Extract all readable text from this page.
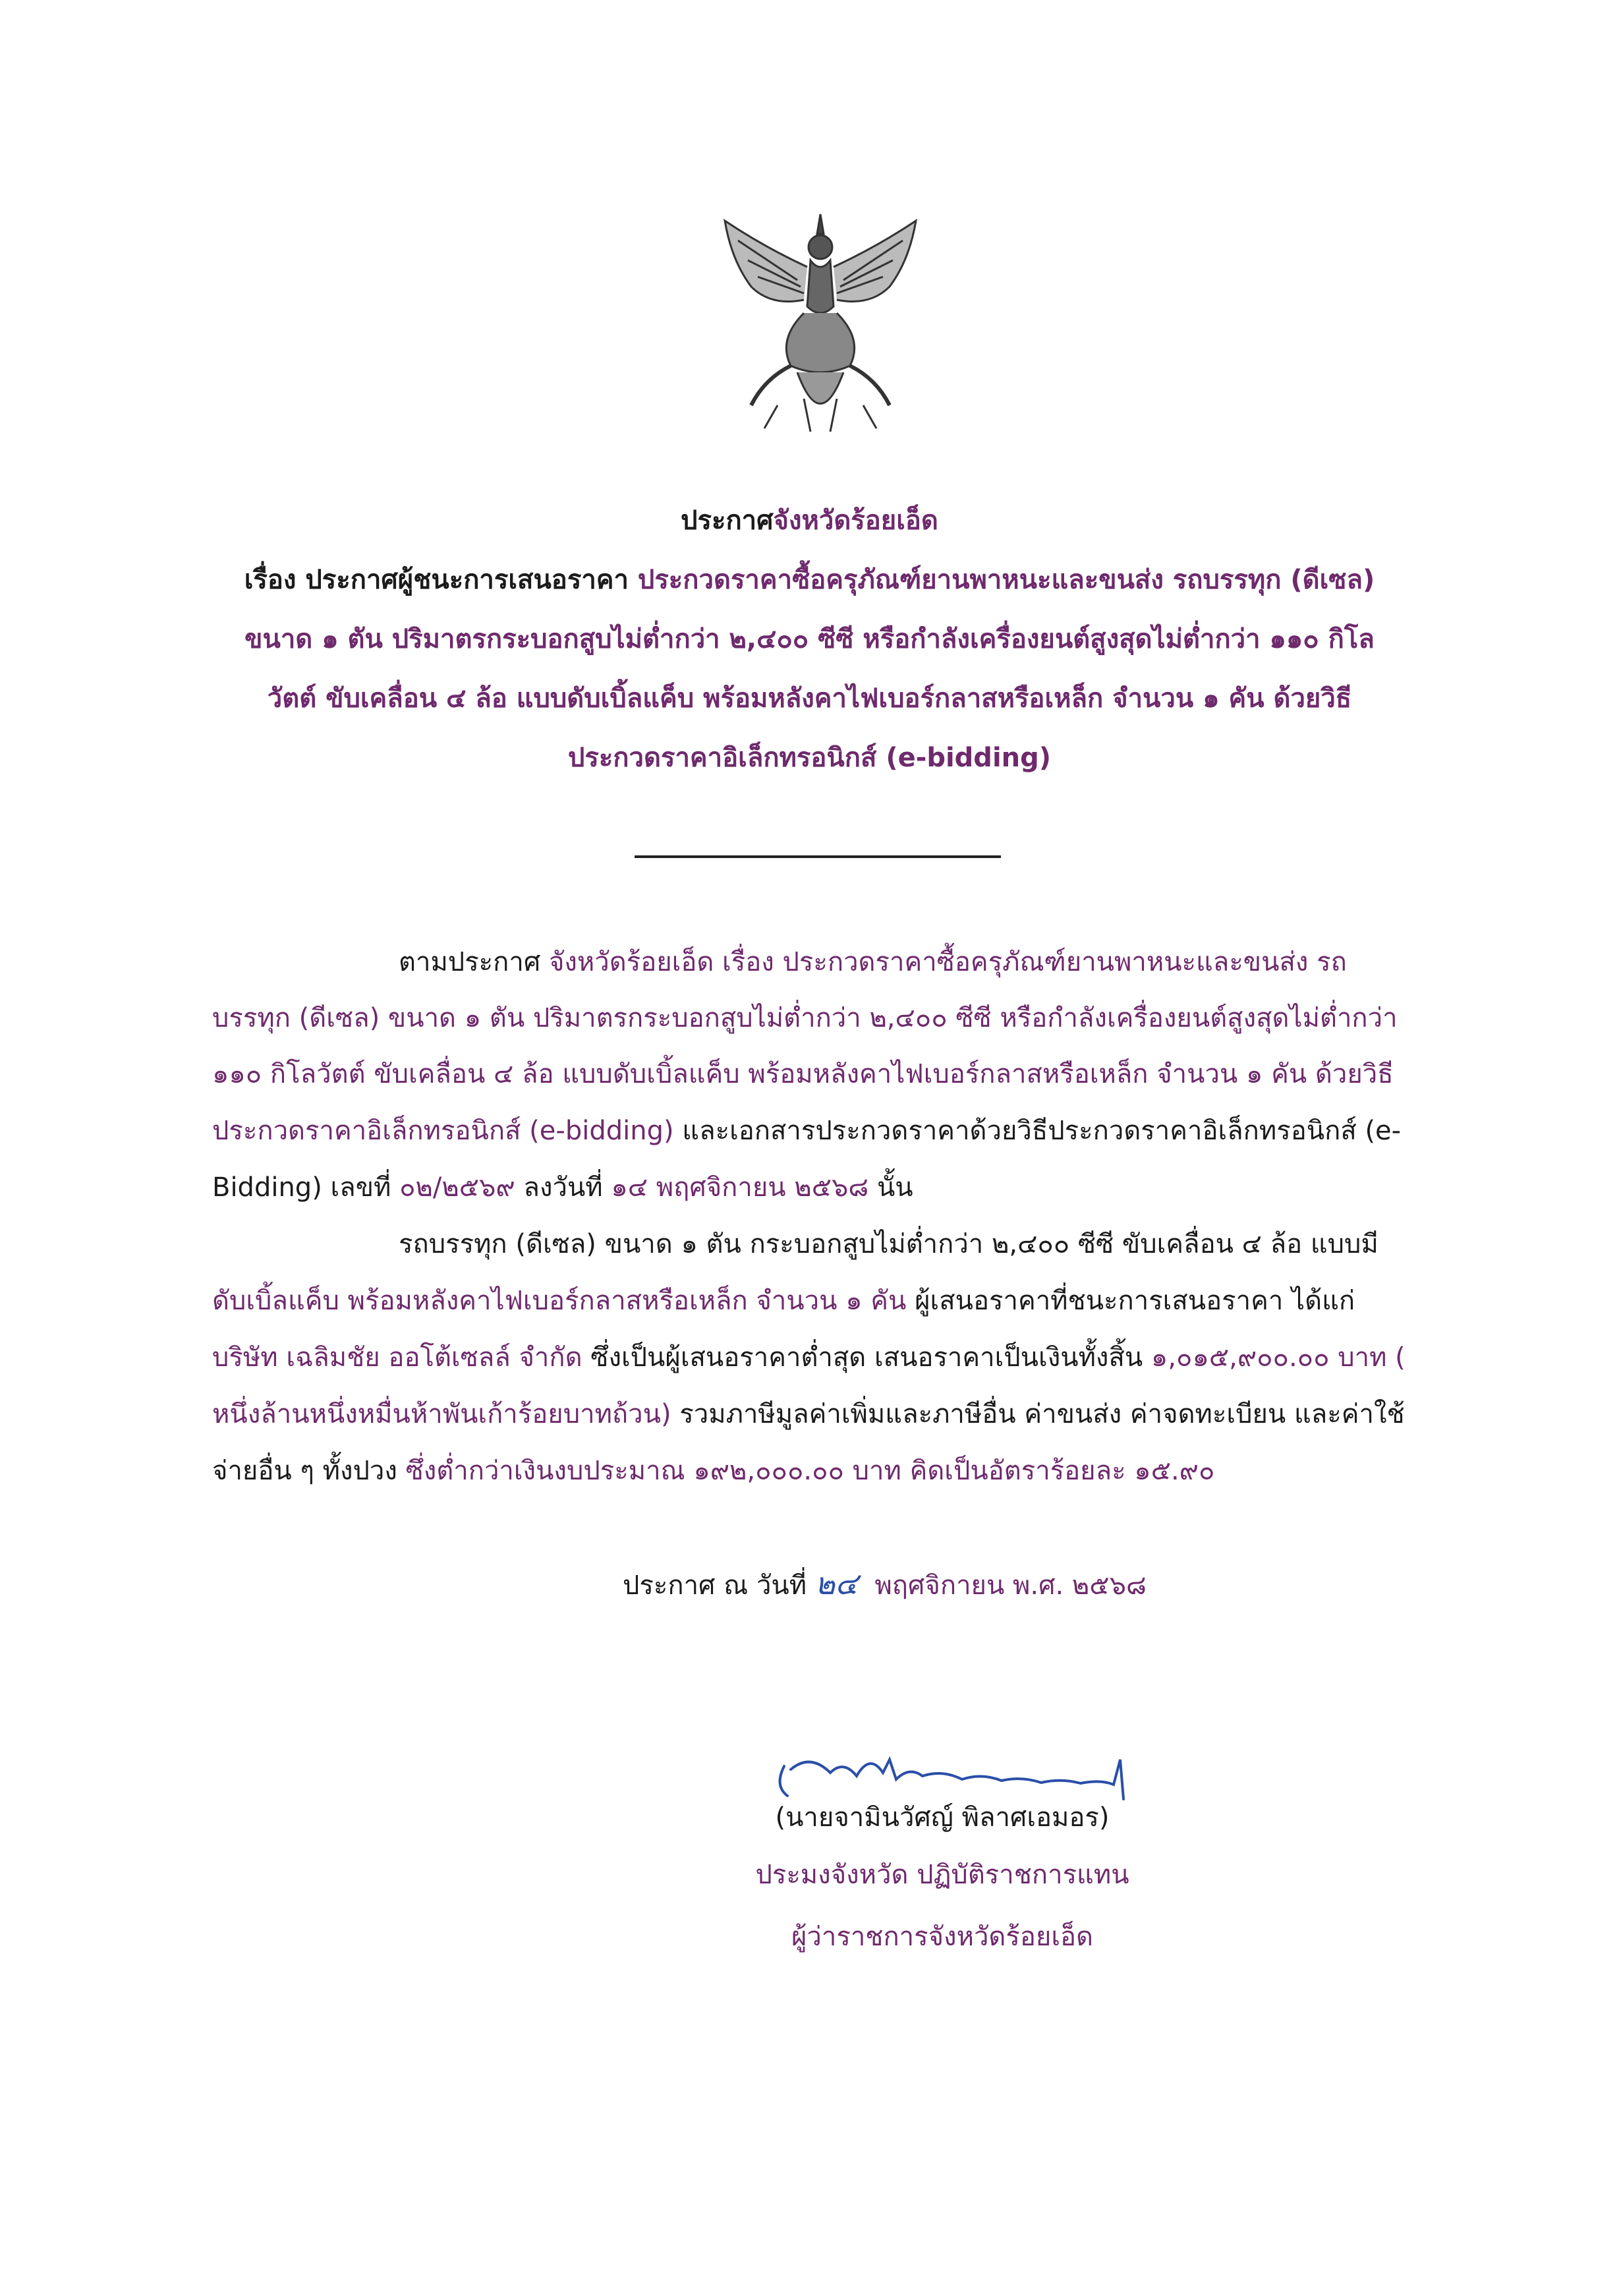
ประกาศจังหวัดร้อยเอ็ด
เรื่อง ประกาศผู้ชนะการเสนอราคา ประกวดราคาซื้อครุภัณฑ์ยานพาหนะและขนส่ง รถบรรทุก (ดีเซล)
ขนาด ๑ ตัน ปริมาตรกระบอกสูบไม่ต่ำกว่า ๒,๔๐๐ ซีซี หรือกำลังเครื่องยนต์สูงสุดไม่ต่ำกว่า ๑๑๐ กิโล
วัตต์ ขับเคลื่อน ๔ ล้อ แบบดับเบิ้ลแค็บ พร้อมหลังคาไฟเบอร์กลาสหรือเหล็ก จำนวน ๑ คัน ด้วยวิธี
ประกวดราคาอิเล็กทรอนิกส์ (e-bidding)
ตามประกาศ จังหวัดร้อยเอ็ด เรื่อง ประกวดราคาซื้อครุภัณฑ์ยานพาหนะและขนส่ง รถ
บรรทุก (ดีเซล) ขนาด ๑ ตัน ปริมาตรกระบอกสูบไม่ต่ำกว่า ๒,๔๐๐ ซีซี หรือกำลังเครื่องยนต์สูงสุดไม่ต่ำกว่า
๑๑๐ กิโลวัตต์ ขับเคลื่อน ๔ ล้อ แบบดับเบิ้ลแค็บ พร้อมหลังคาไฟเบอร์กลาสหรือเหล็ก จำนวน ๑ คัน ด้วยวิธี
ประกวดราคาอิเล็กทรอนิกส์ (e-bidding) และเอกสารประกวดราคาด้วยวิธีประกวดราคาอิเล็กทรอนิกส์ (e-
Bidding) เลขที่ ๐๒/๒๕๖๙ ลงวันที่ ๑๔ พฤศจิกายน ๒๕๖๘ นั้น
รถบรรทุก (ดีเซล) ขนาด ๑ ตัน กระบอกสูบไม่ต่ำกว่า ๒,๔๐๐ ซีซี ขับเคลื่อน ๔ ล้อ แบบมี
ดับเบิ้ลแค็บ พร้อมหลังคาไฟเบอร์กลาสหรือเหล็ก จำนวน ๑ คัน ผู้เสนอราคาที่ชนะการเสนอราคา ได้แก่
บริษัท เฉลิมชัย ออโต้เซลล์ จำกัด ซึ่งเป็นผู้เสนอราคาต่ำสุด เสนอราคาเป็นเงินทั้งสิ้น ๑,๐๑๕,๙๐๐.๐๐ บาท (
หนึ่งล้านหนึ่งหมื่นห้าพันเก้าร้อยบาทถ้วน) รวมภาษีมูลค่าเพิ่มและภาษีอื่น ค่าขนส่ง ค่าจดทะเบียน และค่าใช้
จ่ายอื่น ๆ ทั้งปวง ซึ่งต่ำกว่าเงินงบประมาณ ๑๙๒,๐๐๐.๐๐ บาท คิดเป็นอัตราร้อยละ ๑๕.๙๐
ประกาศ ณ วันที่ ๒๔ พฤศจิกายน พ.ศ. ๒๕๖๘
(นายจามินวัศญ์ พิลาศเอมอร)
ประมงจังหวัด ปฏิบัติราชการแทน
ผู้ว่าราชการจังหวัดร้อยเอ็ด
